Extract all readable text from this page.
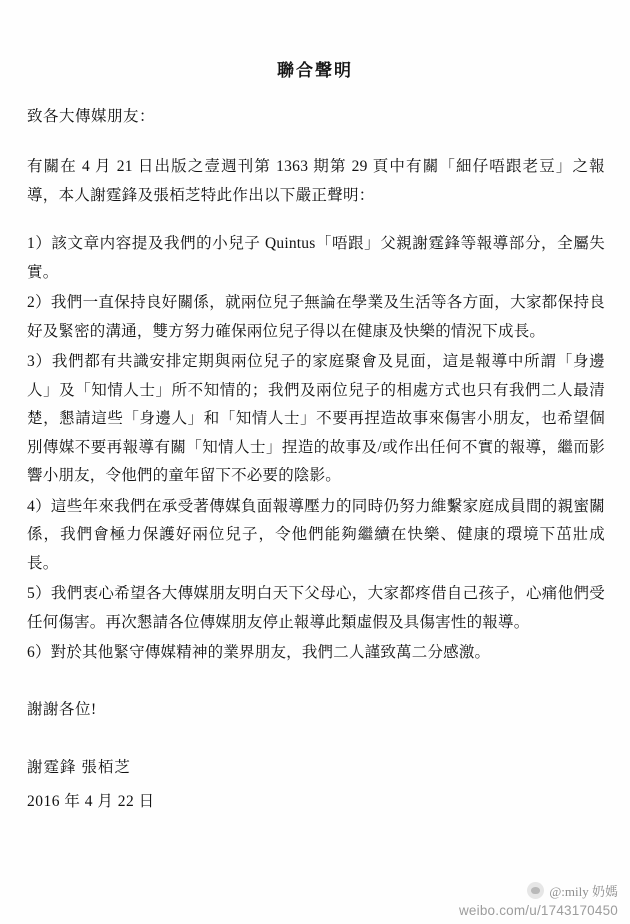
聯合聲明
致各大傳媒朋友：
有關在 4 月 21 日出版之壹週刊第 1363 期第 29 頁中有關「細仔唔跟老豆」之報導，本人謝霆鋒及張栢芝特此作出以下嚴正聲明：
1）該文章内容提及我們的小兒子 Quintus「唔跟」父親謝霆鋒等報導部分，全屬失實。
2）我們一直保持良好關係，就兩位兒子無論在學業及生活等各方面，大家都保持良好及緊密的溝通，雙方努力確保兩位兒子得以在健康及快樂的情況下成長。
3）我們都有共識安排定期與兩位兒子的家庭聚會及見面，這是報導中所謂「身邊人」及「知情人士」所不知情的；我們及兩位兒子的相處方式也只有我們二人最清楚，懇請這些「身邊人」和「知情人士」不要再捏造故事來傷害小朋友，也希望個別傳媒不要再報導有關「知情人士」捏造的故事及/或作出任何不實的報導，繼而影響小朋友，令他們的童年留下不必要的陰影。
4）這些年來我們在承受著傳媒負面報導壓力的同時仍努力維繫家庭成員間的親蜜關係，我們會極力保護好兩位兒子，令他們能夠繼續在快樂、健康的環境下茁壯成長。
5）我們衷心希望各大傳媒朋友明白天下父母心，大家都疼借自己孩子，心痛他們受任何傷害。再次懇請各位傳媒朋友停止報導此類虛假及具傷害性的報導。
6）對於其他緊守傳媒精神的業界朋友，我們二人謹致萬二分感激。
謝謝各位!
謝霆鋒 張栢芝
2016 年 4 月 22 日
@:mily 奶媽
weibo.com/u/1743170450
